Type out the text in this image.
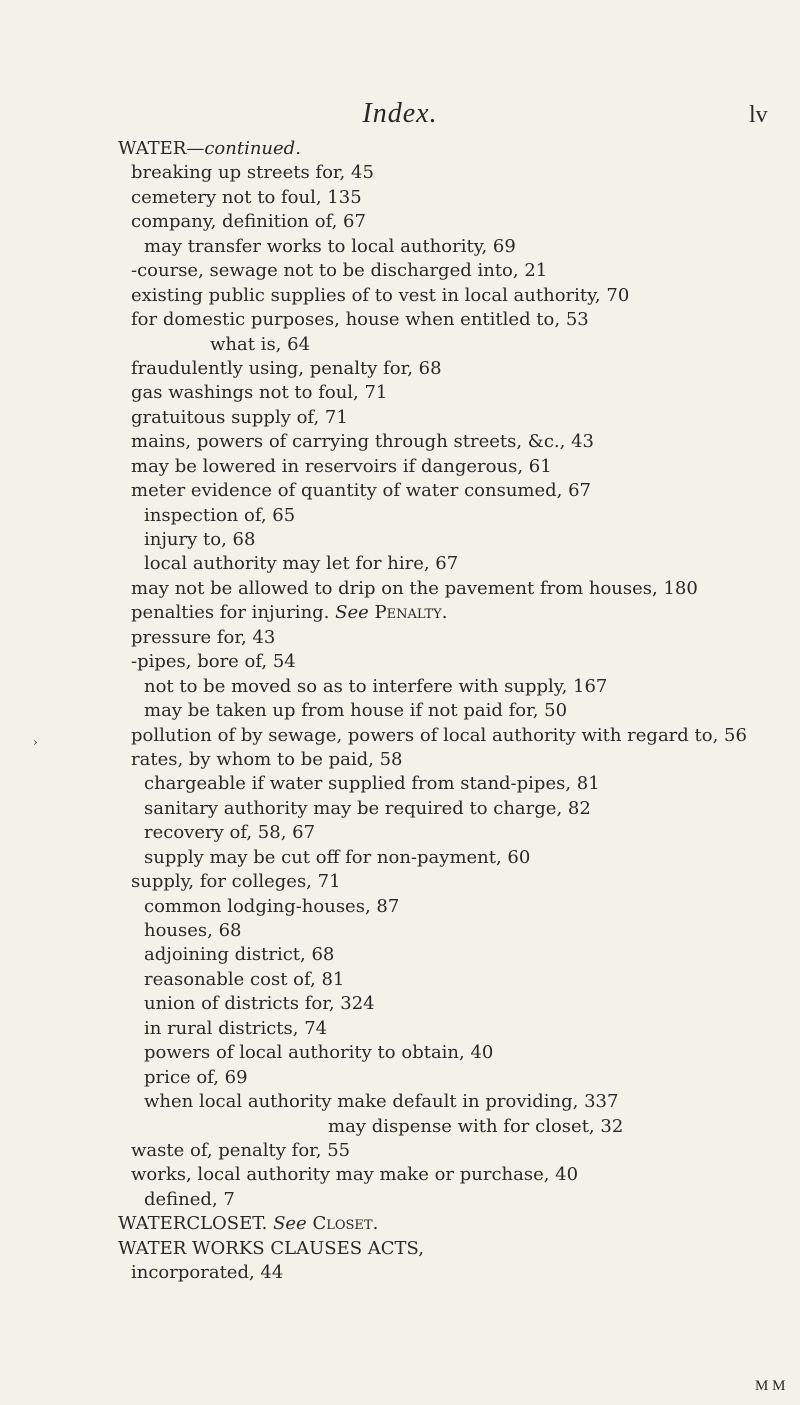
Index.	lv
WATER—continued.
breaking up streets for, 45
cemetery not to foul, 135
company, definition of, 67
may transfer works to local authority, 69
-course, sewage not to be discharged into, 21
existing public supplies of to vest in local authority, 70
for domestic purposes, house when entitled to, 53
what is, 64
fraudulently using, penalty for, 68
gas washings not to foul, 71
gratuitous supply of, 71
mains, powers of carrying through streets, &c., 43
may be lowered in reservoirs if dangerous, 61
meter evidence of quantity of water consumed, 67
inspection of, 65
injury to, 68
local authority may let for hire, 67
may not be allowed to drip on the pavement from houses, 180
penalties for injuring. See Penalty.
pressure for, 43
-pipes, bore of, 54
not to be moved so as to interfere with supply, 167
may be taken up from house if not paid for, 50
pollution of by sewage, powers of local authority with regard to, 56
rates, by whom to be paid, 58
chargeable if water supplied from stand-pipes, 81
sanitary authority may be required to charge, 82
recovery of, 58, 67
supply may be cut off for non-payment, 60
supply, for colleges, 71
common lodging-houses, 87
houses, 68
adjoining district, 68
reasonable cost of, 81
union of districts for, 324
in rural districts, 74
powers of local authority to obtain, 40
price of, 69
when local authority make default in providing, 337
may dispense with for closet, 32
waste of, penalty for, 55
works, local authority may make or purchase, 40
defined, 7
WATERCLOSET. See Closet.
WATER WORKS CLAUSES ACTS,
incorporated, 44
›
M M
